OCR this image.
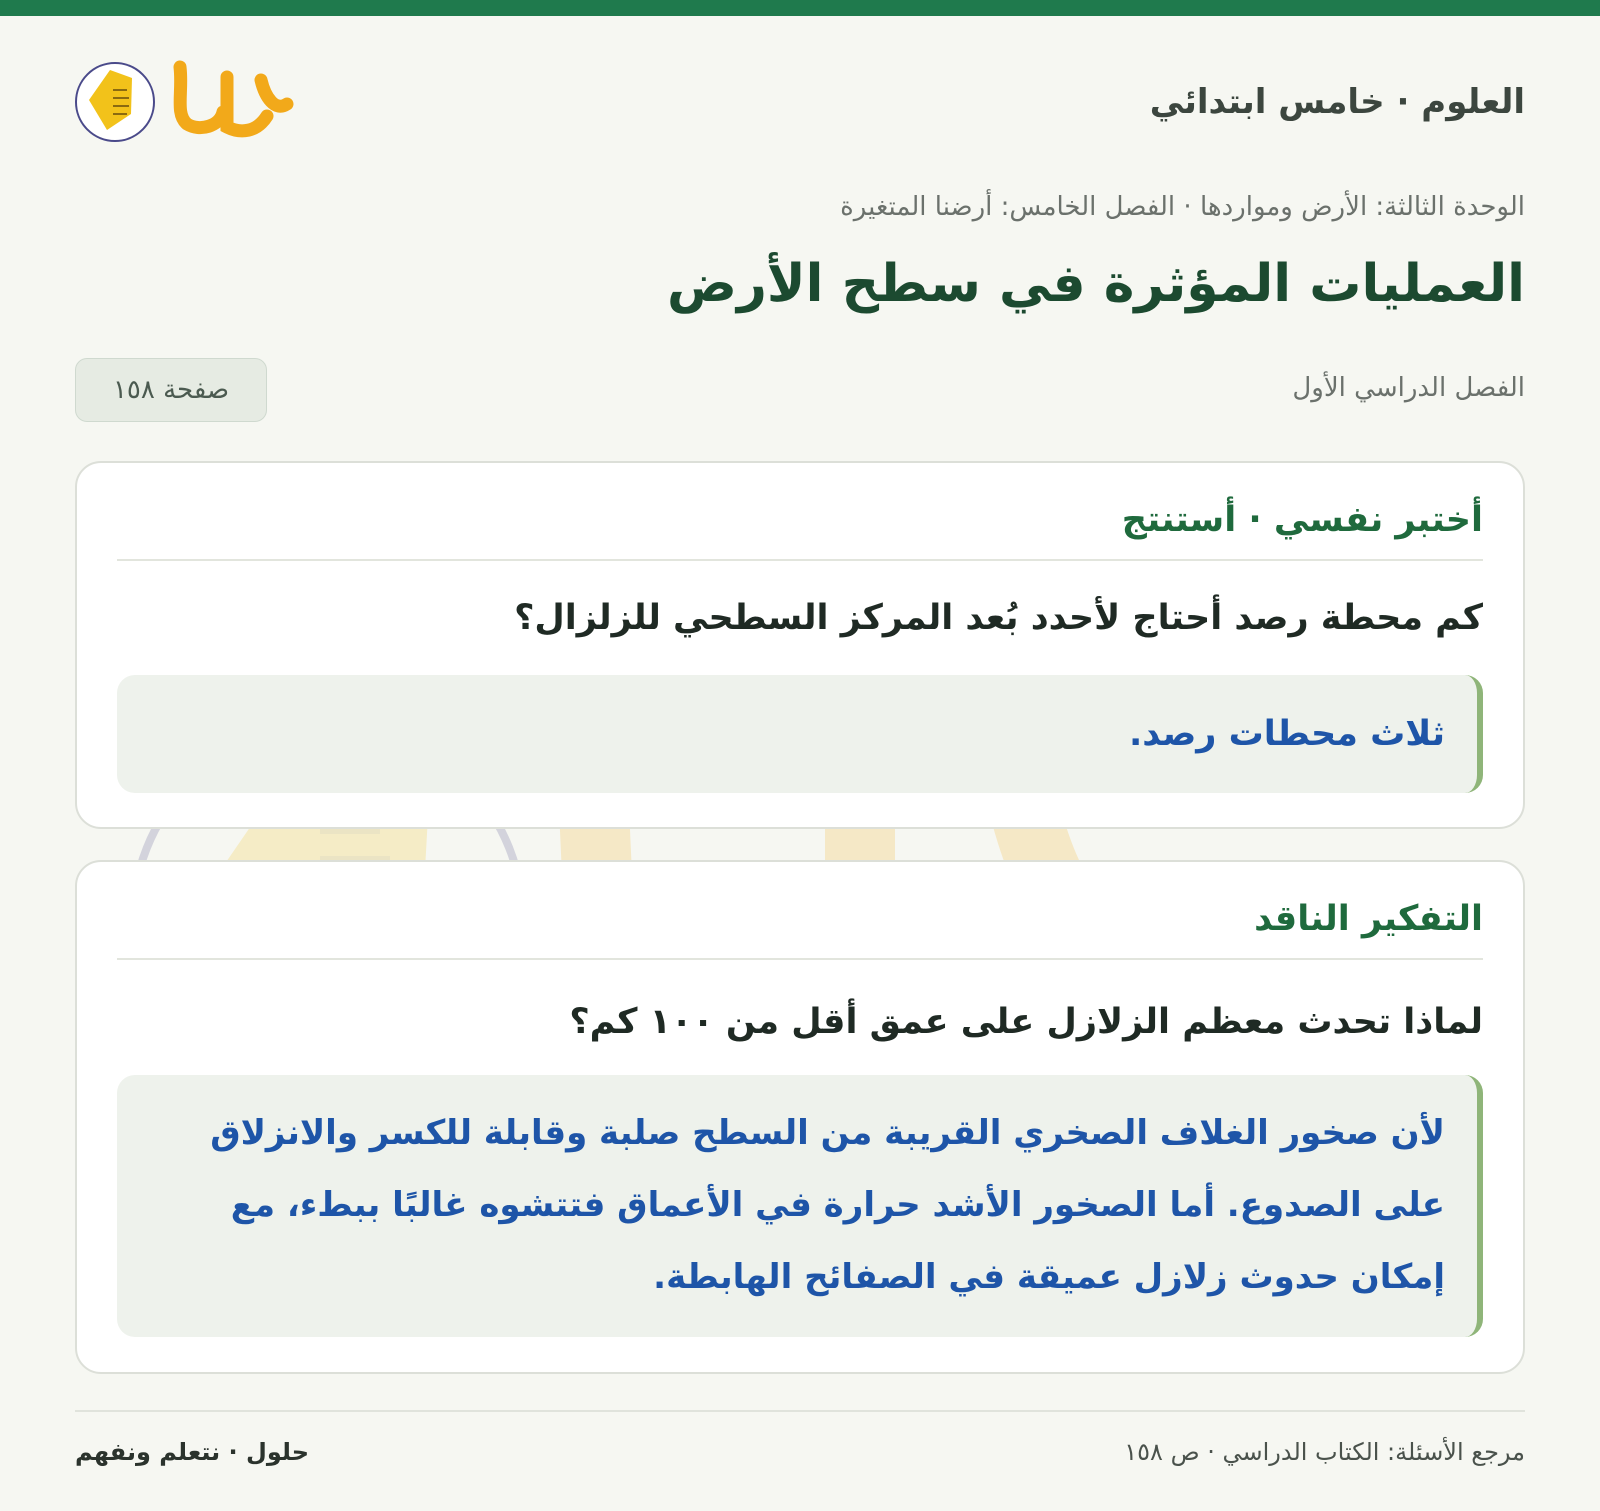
العلوم · خامس ابتدائي
الوحدة الثالثة: الأرض ومواردها · الفصل الخامس: أرضنا المتغيرة
العمليات المؤثرة في سطح الأرض
الفصل الدراسي الأول
صفحة ١٥٨
أختبر نفسي · أستنتج
كم محطة رصد أحتاج لأحدد بُعد المركز السطحي للزلزال؟
ثلاث محطات رصد.
التفكير الناقد
لماذا تحدث معظم الزلازل على عمق أقل من ١٠٠ كم؟
لأن صخور الغلاف الصخري القريبة من السطح صلبة وقابلة للكسر والانزلاق على الصدوع. أما الصخور الأشد حرارة في الأعماق فتتشوه غالبًا ببطء، مع إمكان حدوث زلازل عميقة في الصفائح الهابطة.
حلول · نتعلم ونفهم	مرجع الأسئلة: الكتاب الدراسي · ص ١٥٨
